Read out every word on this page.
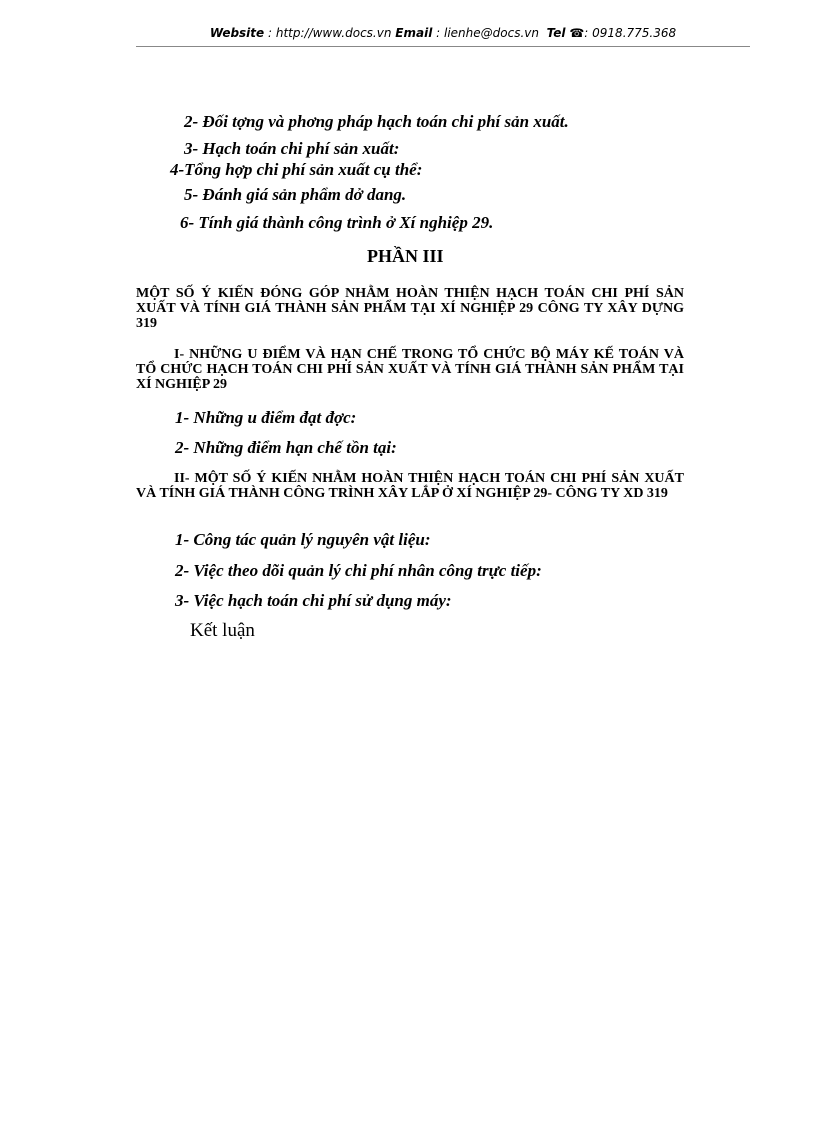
Website : http://www.docs.vn Email : lienhe@docs.vn Tel ☎: 0918.775.368
2- Đối tợng và phơng pháp hạch toán chi phí sản xuất.
3- Hạch toán chi phí sản xuất:
4-Tổng hợp chi phí sản xuất cụ thể:
5- Đánh giá sản phẩm dở dang.
6- Tính giá thành công trình ở Xí nghiệp 29.
PHẦN III
MỘT SỐ Ý KIẾN ĐÓNG GÓP NHẰM HOÀN THIỆN HẠCH TOÁN CHI PHÍ SẢN XUẤT VÀ TÍNH GIÁ THÀNH SẢN PHẨM TẠI XÍ NGHIỆP 29 CÔNG TY XÂY DỰNG 319
I- NHỮNG U ĐIỂM VÀ HẠN CHẾ TRONG TỔ CHỨC BỘ MÁY KẾ TOÁN VÀ TỔ CHỨC HẠCH TOÁN CHI PHÍ SẢN XUẤT VÀ TÍNH GIÁ THÀNH SẢN PHẨM TẠI XÍ NGHIỆP 29
1- Những u điểm đạt đợc:
2- Những điểm hạn chế tồn tại:
II- MỘT SỐ Ý KIẾN NHẰM HOÀN THIỆN HẠCH TOÁN CHI PHÍ SẢN XUẤT VÀ TÍNH GIÁ THÀNH CÔNG TRÌNH XÂY LẮP Ở XÍ NGHIỆP 29- CÔNG TY XD 319
1- Công tác quản lý nguyên vật liệu:
2- Việc theo dõi quản lý chi phí nhân công trực tiếp:
3- Việc hạch toán chi phí sử dụng máy:
Kết luận
